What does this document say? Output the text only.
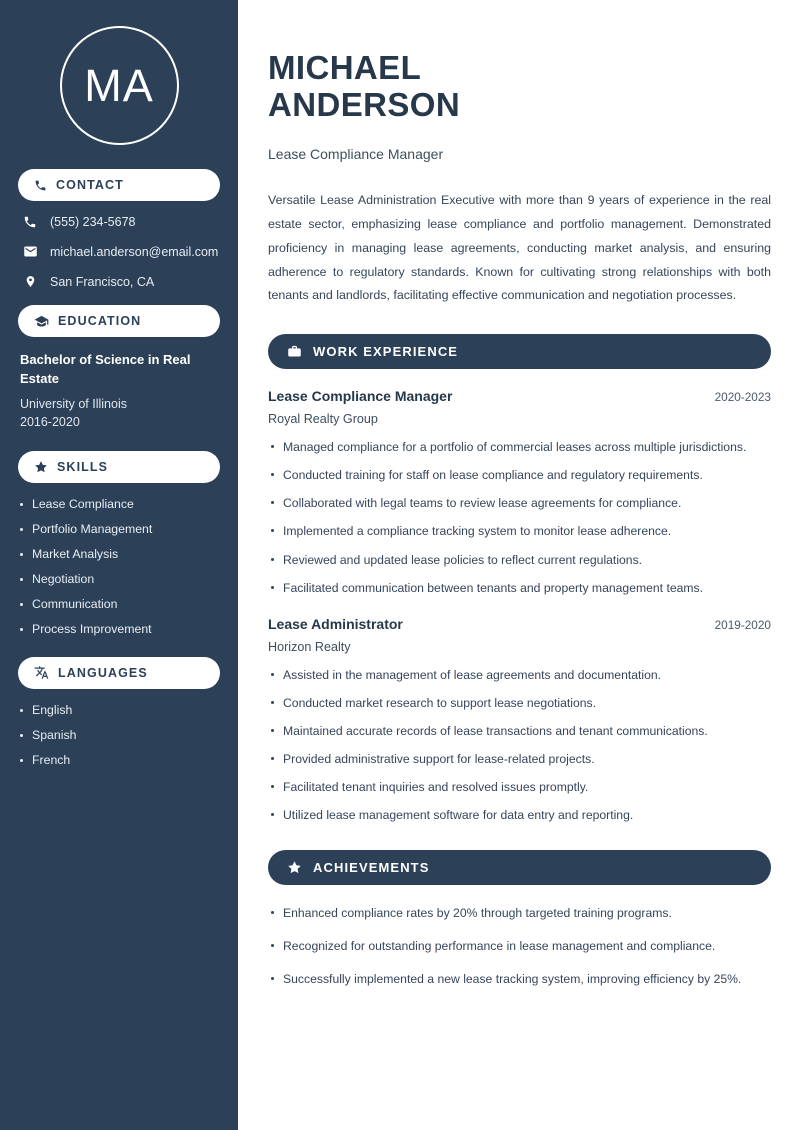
MA
CONTACT
(555) 234-5678
michael.anderson@email.com
San Francisco, CA
EDUCATION
Bachelor of Science in Real Estate
University of Illinois
2016-2020
SKILLS
Lease Compliance
Portfolio Management
Market Analysis
Negotiation
Communication
Process Improvement
LANGUAGES
English
Spanish
French
MICHAEL
ANDERSON
Lease Compliance Manager

Versatile Lease Administration Executive with more than 9 years of experience in the real estate sector, emphasizing lease compliance and portfolio management. Demonstrated proficiency in managing lease agreements, conducting market analysis, and ensuring adherence to regulatory standards. Known for cultivating strong relationships with both tenants and landlords, facilitating effective communication and negotiation processes.

WORK EXPERIENCE
Lease Compliance Manager	2020-2023
Royal Realty Group
Managed compliance for a portfolio of commercial leases across multiple jurisdictions.
Conducted training for staff on lease compliance and regulatory requirements.
Collaborated with legal teams to review lease agreements for compliance.
Implemented a compliance tracking system to monitor lease adherence.
Reviewed and updated lease policies to reflect current regulations.
Facilitated communication between tenants and property management teams.
Lease Administrator	2019-2020
Horizon Realty
Assisted in the management of lease agreements and documentation.
Conducted market research to support lease negotiations.
Maintained accurate records of lease transactions and tenant communications.
Provided administrative support for lease-related projects.
Facilitated tenant inquiries and resolved issues promptly.
Utilized lease management software for data entry and reporting.
ACHIEVEMENTS
Enhanced compliance rates by 20% through targeted training programs.
Recognized for outstanding performance in lease management and compliance.
Successfully implemented a new lease tracking system, improving efficiency by 25%.
